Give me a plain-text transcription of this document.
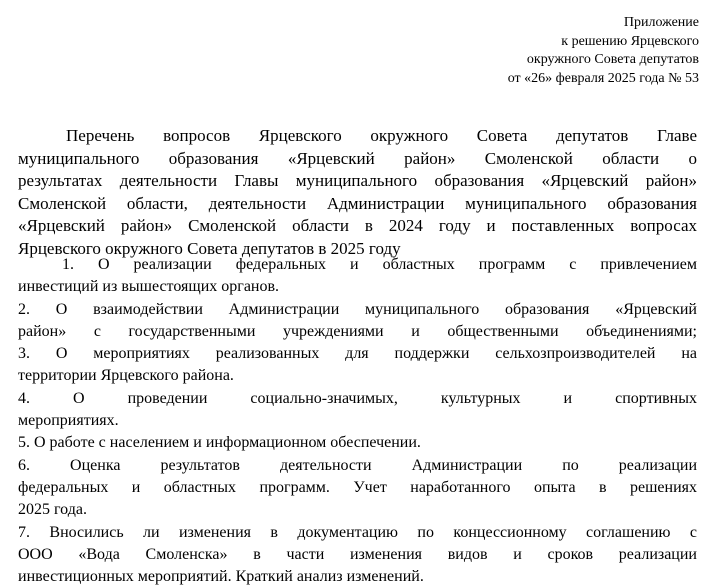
Приложение
к решению Ярцевского
окружного Совета депутатов
от «26» февраля 2025 года № 53
Перечень вопросов Ярцевского окружного Совета депутатов Главе
муниципального образования «Ярцевский район» Смоленской области о
результатах деятельности Главы муниципального образования «Ярцевский район»
Смоленской области, деятельности Администрации муниципального образования
«Ярцевский район» Смоленской области в 2024 году и поставленных вопросах
Ярцевского окружного Совета депутатов в 2025 году
1. О реализации федеральных и областных программ с привлечением
инвестиций из вышестоящих органов.
2. О взаимодействии Администрации муниципального образования «Ярцевский
район» с государственными учреждениями и общественными объединениями;
3. О мероприятиях реализованных для поддержки сельхозпроизводителей на
территории Ярцевского района.
4. О проведении социально-значимых, культурных и спортивных
мероприятиях.
5. О работе с населением и информационном обеспечении.
6. Оценка результатов деятельности Администрации по реализации
федеральных и областных программ. Учет наработанного опыта в решениях
2025 года.
7. Вносились ли изменения в документацию по концессионному соглашению с
ООО «Вода Смоленска» в части изменения видов и сроков реализации
инвестиционных мероприятий. Краткий анализ изменений.
